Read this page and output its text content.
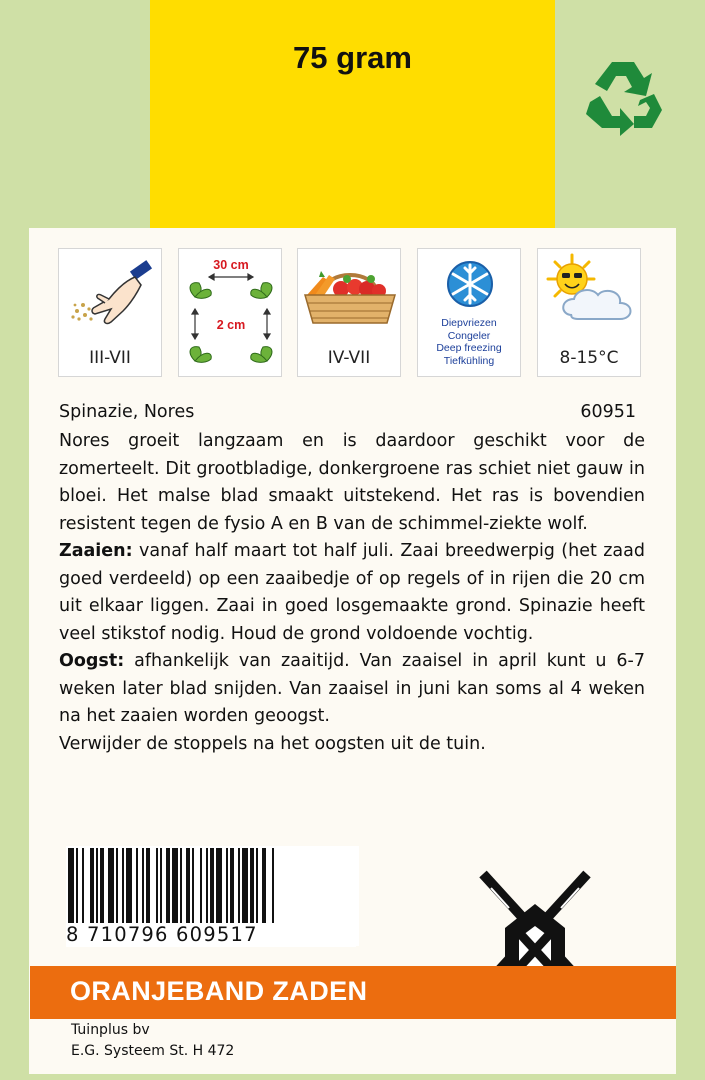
75 gram
III-VII
30 cm
2 cm
IV-VII
Diepvriezen
Congeler
Deep freezing
Tiefkühling	8-15°C
Spinazie, Nores	60951

Nores groeit langzaam en is daardoor geschikt voor de zomerteelt. Dit grootbladige, donkergroene ras schiet niet gauw in bloei. Het malse blad smaakt uitstekend. Het ras is bovendien resistent tegen de fysio A en B van de schimmel-ziekte wolf.

Zaaien: vanaf half maart tot half juli. Zaai breedwerpig (het zaad goed verdeeld) op een zaaibedje of op regels of in rijen die 20 cm uit elkaar liggen. Zaai in goed losgemaakte grond. Spinazie heeft veel stikstof nodig. Houd de grond voldoende vochtig.

Oogst: afhankelijk van zaaitijd. Van zaaisel in april kunt u 6-7 weken later blad snijden. Van zaaisel in juni kan soms al 4 weken na het zaaien worden geoogst.

Verwijder de stoppels na het oogsten uit de tuin.

8 710796 609517
ORANJEBAND ZADEN
Tuinplus bv
E.G. Systeem St. H 472
